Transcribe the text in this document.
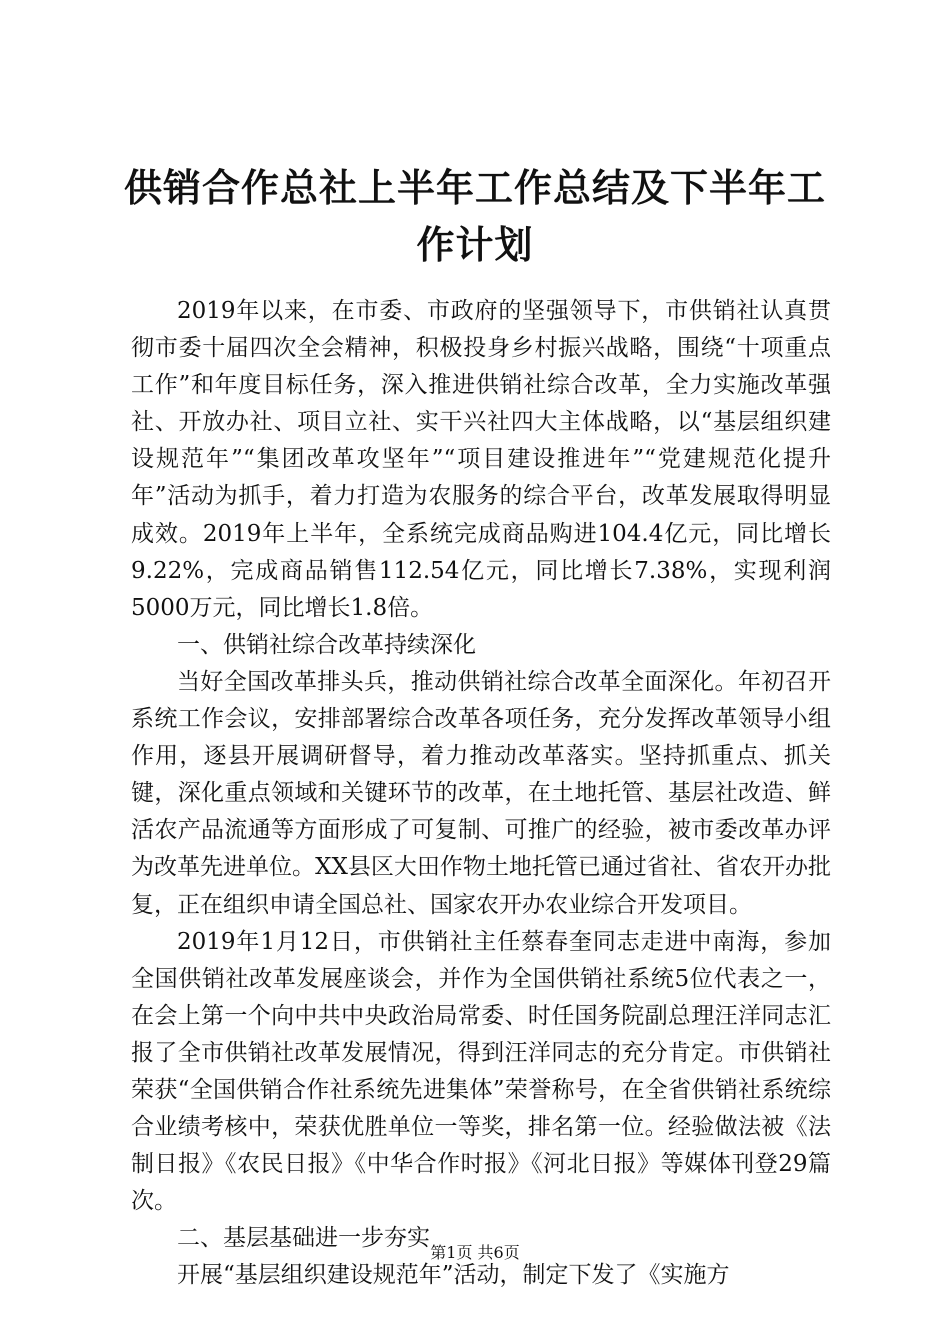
供销合作总社上半年工作总结及下半年工作计划

2019年以来，在市委、市政府的坚强领导下，市供销社认真贯彻市委十届四次全会精神，积极投身乡村振兴战略，围绕“十项重点工作”和年度目标任务，深入推进供销社综合改革，全力实施改革强社、开放办社、项目立社、实干兴社四大主体战略，以“基层组织建设规范年”“集团改革攻坚年”“项目建设推进年”“党建规范化提升年”活动为抓手，着力打造为农服务的综合平台，改革发展取得明显成效。2019年上半年，全系统完成商品购进104.4亿元，同比增长9.22%，完成商品销售112.54亿元，同比增长7.38%，实现利润5000万元，同比增长1.8倍。

一、供销社综合改革持续深化

当好全国改革排头兵，推动供销社综合改革全面深化。年初召开系统工作会议，安排部署综合改革各项任务，充分发挥改革领导小组作用，逐县开展调研督导，着力推动改革落实。坚持抓重点、抓关键，深化重点领域和关键环节的改革，在土地托管、基层社改造、鲜活农产品流通等方面形成了可复制、可推广的经验，被市委改革办评为改革先进单位。XX县区大田作物土地托管已通过省社、省农开办批复，正在组织申请全国总社、国家农开办农业综合开发项目。

2019年1月12日，市供销社主任蔡春奎同志走进中南海，参加全国供销社改革发展座谈会，并作为全国供销社系统5位代表之一，在会上第一个向中共中央政治局常委、时任国务院副总理汪洋同志汇报了全市供销社改革发展情况，得到汪洋同志的充分肯定。市供销社荣获“全国供销合作社系统先进集体”荣誉称号，在全省供销社系统综合业绩考核中，荣获优胜单位一等奖，排名第一位。经验做法被《法制日报》《农民日报》《中华合作时报》《河北日报》等媒体刊登29篇次。

二、基层基础进一步夯实

开展“基层组织建设规范年”活动，制定下发了《实施方

第1页 共6页
